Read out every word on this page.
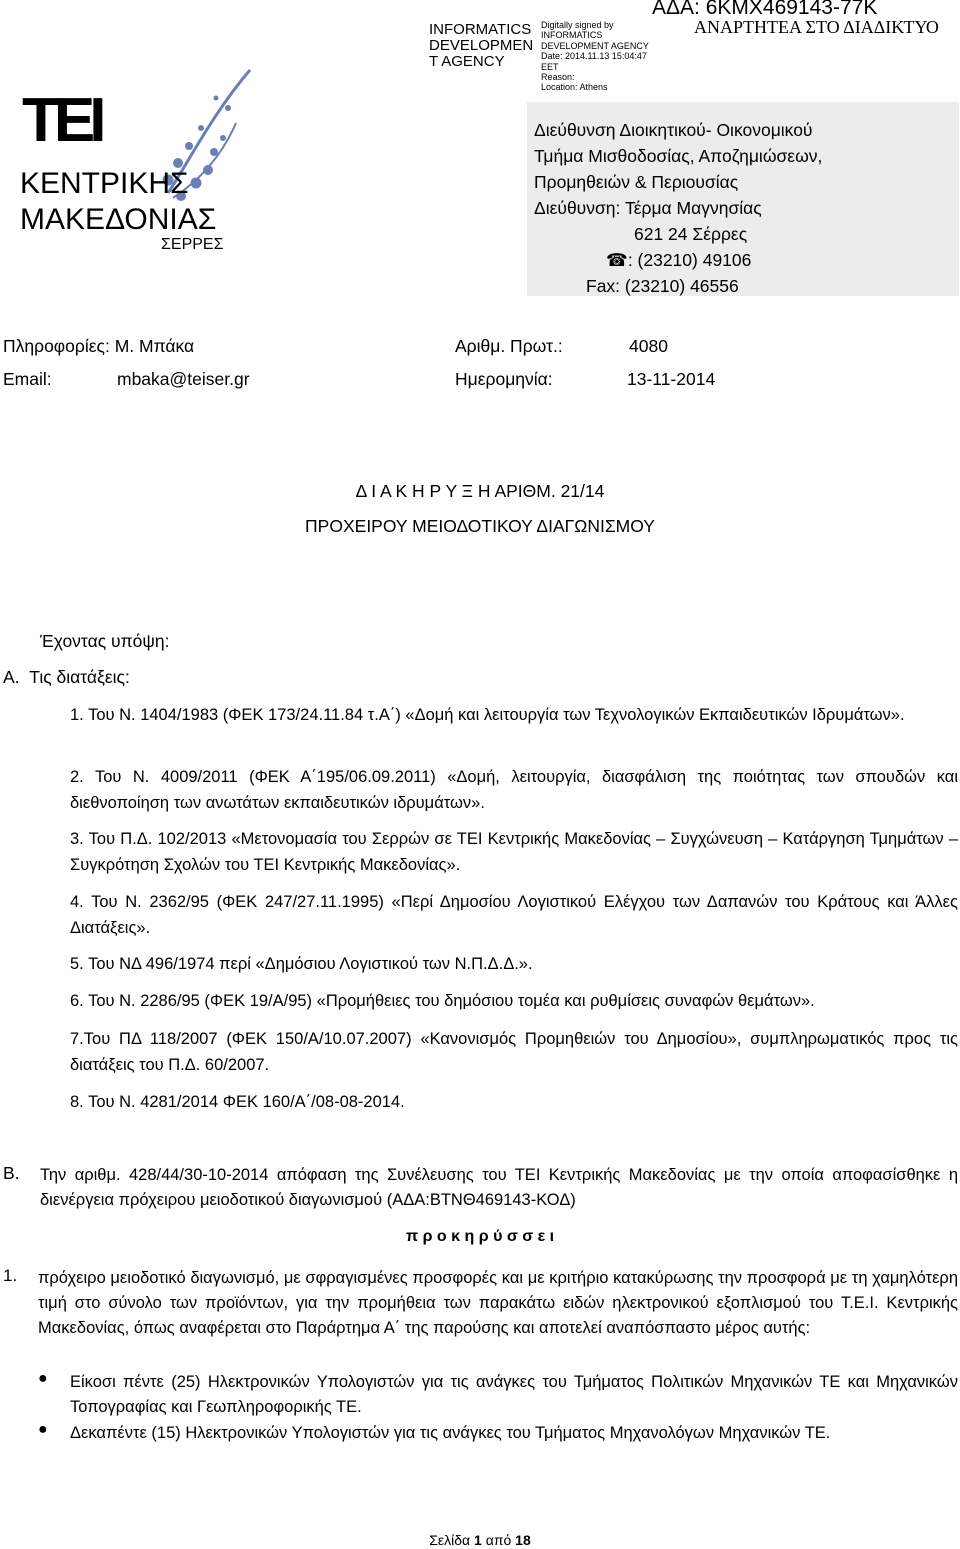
INFORMATICS DEVELOPMEN T AGENCY
Digitally signed by
INFORMATICS
DEVELOPMENT AGENCY
Date: 2014.11.13 15:04:47
EET
Reason:
Location: Athens
ΑΔΑ: 6ΚΜΧ469143-77Κ
ΑΝΑΡΤΗΤΕΑ ΣΤΟ ΔΙΑΔΙΚΤΥΟ
TEI
ΚΕΝΤΡΙΚΗΣ
ΜΑΚΕΔΟΝΙΑΣ
ΣΕΡΡΕΣ
Διεύθυνση Διοικητικού- Οικονομικού
Τμήμα Μισθοδοσίας, Αποζημιώσεων,
Προμηθειών & Περιουσίας
Διεύθυνση: Τέρμα Μαγνησίας
621 24 Σέρρες
☎: (23210) 49106
Fax: (23210) 46556
Πληροφορίες: Μ. Μπάκα	Αριθμ. Πρωτ.:	4080
Email:	mbaka@teiser.gr	Ημερομηνία:	13-11-2014
Δ Ι Α Κ Η Ρ Υ Ξ Η ΑΡΙΘΜ. 21/14
ΠΡΟΧΕΙΡΟΥ ΜΕΙΟΔΟΤΙΚΟΥ ΔΙΑΓΩΝΙΣΜΟΥ
Έχοντας υπόψη:
Α. Τις διατάξεις:
1. Του Ν. 1404/1983 (ΦΕΚ 173/24.11.84 τ.Α΄) «Δομή και λειτουργία των Τεχνολογικών Εκπαιδευτικών Ιδρυμάτων».
2. Του Ν. 4009/2011 (ΦΕΚ Α΄195/06.09.2011) «Δομή, λειτουργία, διασφάλιση της ποιότητας των σπουδών και διεθνοποίηση των ανωτάτων εκπαιδευτικών ιδρυμάτων».
3. Του Π.Δ. 102/2013 «Μετονομασία του Σερρών σε ΤΕΙ Κεντρικής Μακεδονίας – Συγχώνευση – Κατάργηση Τμημάτων – Συγκρότηση Σχολών του ΤΕΙ Κεντρικής Μακεδονίας».
4. Του Ν. 2362/95 (ΦΕΚ 247/27.11.1995) «Περί Δημοσίου Λογιστικού Ελέγχου των Δαπανών του Κράτους και Άλλες Διατάξεις».
5. Του ΝΔ 496/1974 περί «Δημόσιου Λογιστικού των Ν.Π.Δ.Δ.».
6. Του Ν. 2286/95 (ΦΕΚ 19/Α/95) «Προμήθειες του δημόσιου τομέα και ρυθμίσεις συναφών θεμάτων».
7.Του ΠΔ 118/2007 (ΦΕΚ 150/Α/10.07.2007) «Κανονισμός Προμηθειών του Δημοσίου», συμπληρωματικός προς τις διατάξεις του Π.Δ. 60/2007.
8. Του Ν. 4281/2014 ΦΕΚ 160/Α΄/08-08-2014.
Β. Την αριθμ. 428/44/30-10-2014 απόφαση της Συνέλευσης του ΤΕΙ Κεντρικής Μακεδονίας με την οποία αποφασίσθηκε η διενέργεια πρόχειρου μειοδοτικού διαγωνισμού (ΑΔΑ:ΒΤΝΘ469143-ΚΟΔ)
π ρ ο κ η ρ ύ σ σ ε ι
1. πρόχειρο μειοδοτικό διαγωνισμό, με σφραγισμένες προσφορές και με κριτήριο κατακύρωσης την προσφορά με τη χαμηλότερη τιμή στο σύνολο των προϊόντων, για την προμήθεια των παρακάτω ειδών ηλεκτρονικού εξοπλισμού του Τ.Ε.Ι. Κεντρικής Μακεδονίας, όπως αναφέρεται στο Παράρτημα Α΄ της παρούσης και αποτελεί αναπόσπαστο μέρος αυτής:
● Είκοσι πέντε (25) Ηλεκτρονικών Υπολογιστών για τις ανάγκες του Τμήματος Πολιτικών Μηχανικών ΤΕ και Μηχανικών Τοπογραφίας και Γεωπληροφορικής ΤΕ.
● Δεκαπέντε (15) Ηλεκτρονικών Υπολογιστών για τις ανάγκες του Τμήματος Μηχανολόγων Μηχανικών ΤΕ.
Σελίδα 1 από 18
